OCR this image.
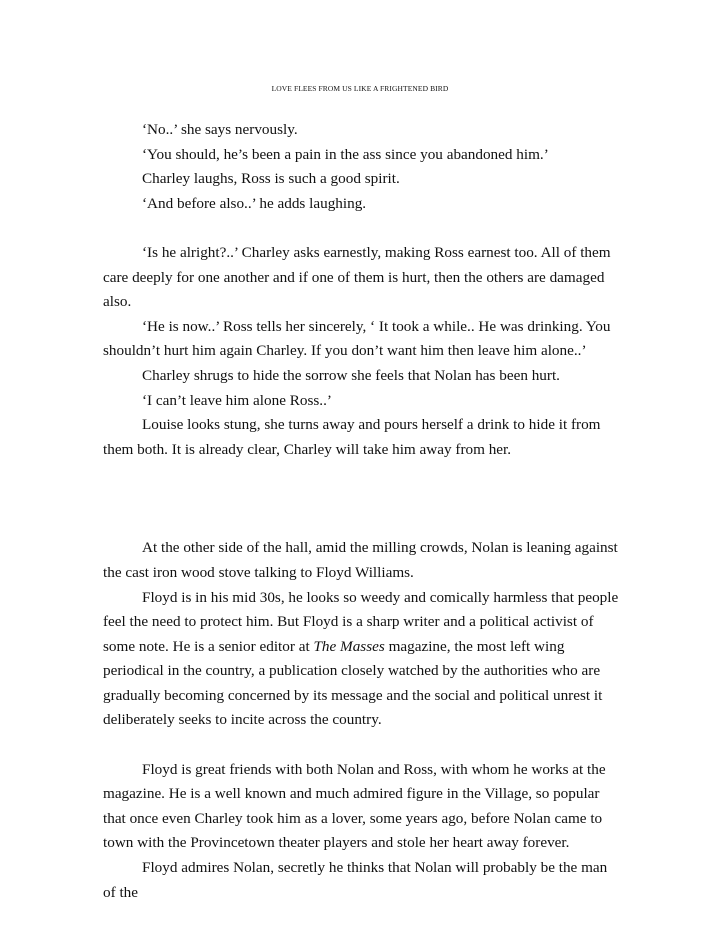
LOVE FLEES FROM US LIKE A FRIGHTENED BIRD

‘No..’ she says nervously.

‘You should, he’s been a pain in the ass since you abandoned him.’

Charley laughs, Ross is such a good spirit.

‘And before also..’ he adds laughing.

‘Is he alright?..’ Charley asks earnestly, making Ross earnest too. All of them care deeply for one another and if one of them is hurt, then the others are damaged also.

‘He is now..’ Ross tells her sincerely, ‘ It took a while.. He was drinking. You shouldn’t hurt him again Charley. If you don’t want him then leave him alone..’

Charley shrugs to hide the sorrow she feels that Nolan has been hurt.

‘I can’t leave him alone Ross..’

Louise looks stung, she turns away and pours herself a drink to hide it from them both. It is already clear, Charley will take him away from her.

At the other side of the hall, amid the milling crowds, Nolan is leaning against the cast iron wood stove talking to Floyd Williams.

Floyd is in his mid 30s, he looks so weedy and comically harmless that people feel the need to protect him. But Floyd is a sharp writer and a political activist of some note. He is a senior editor at The Masses magazine, the most left wing periodical in the country, a publication closely watched by the authorities who are gradually becoming concerned by its message and the social and political unrest it deliberately seeks to incite across the country.

Floyd is great friends with both Nolan and Ross, with whom he works at the magazine. He is a well known and much admired figure in the Village, so popular that once even Charley took him as a lover, some years ago, before Nolan came to town with the Provincetown theater players and stole her heart away forever.

Floyd admires Nolan, secretly he thinks that Nolan will probably be the man of the
